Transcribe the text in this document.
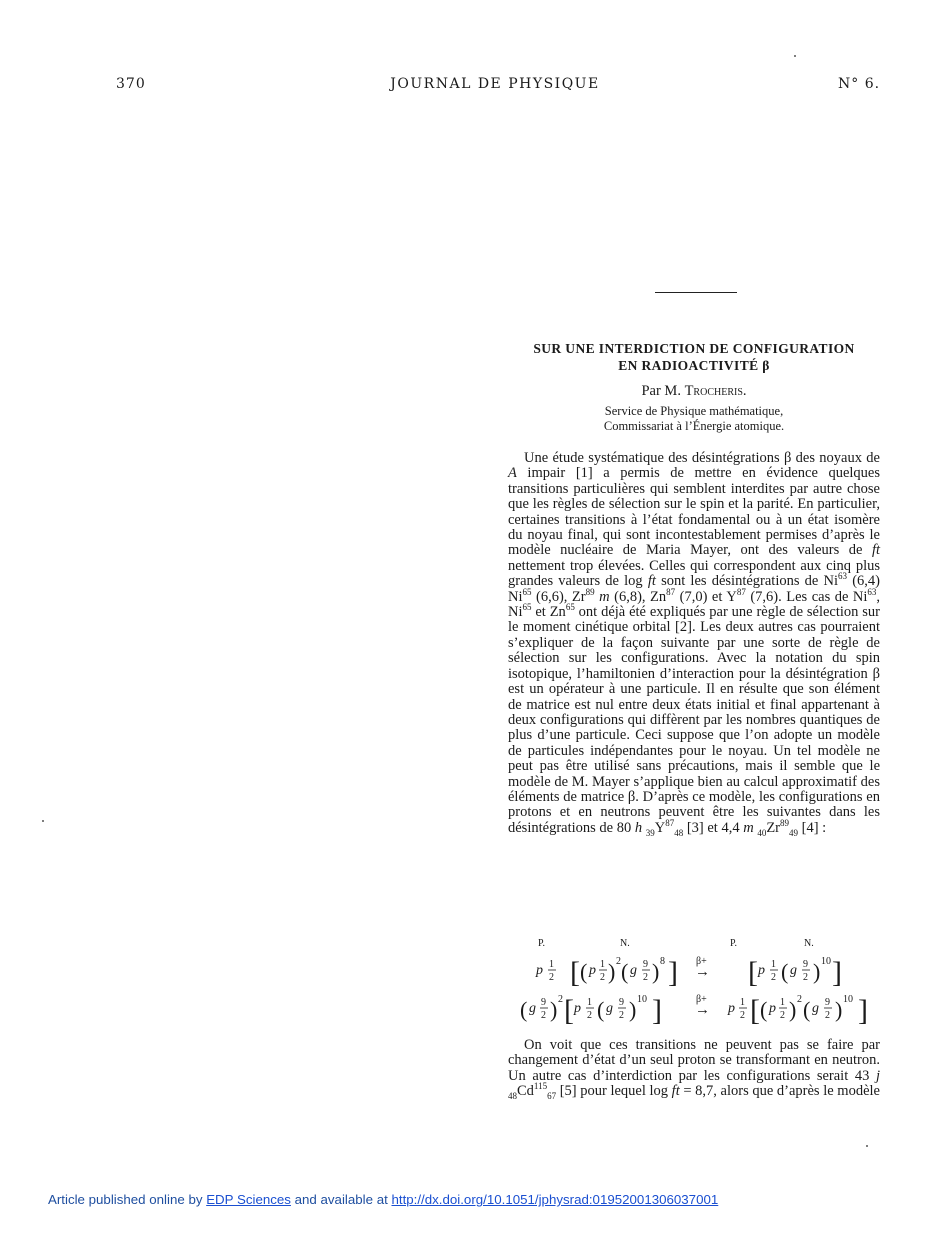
370	JOURNAL DE PHYSIQUE	N° 6.
SUR UNE INTERDICTION DE CONFIGURATION
EN RADIOACTIVITÉ β
Par M. Trocheris.
Service de Physique mathématique,
Commissariat à l’Énergie atomique.
Une étude systématique des désintégrations β des noyaux de A impair [1] a permis de mettre en évidence quelques transitions particulières qui semblent interdites par autre chose que les règles de sélection sur le spin et la parité. En particulier, certaines transitions à l’état fondamental ou à un état isomère du noyau final, qui sont incontestablement permises d’après le modèle nucléaire de Maria Mayer, ont des valeurs de ft nettement trop élevées. Celles qui correspondent aux cinq plus grandes valeurs de log ft sont les désintégrations de Ni$^{63}$ (6,4) Ni$^{65}$ (6,6), Zr$^{89}$ m (6,8), Zn$^{87}$ (7,0) et $Y^{87}$ (7,6). Les cas de Ni$^{63}$, Ni$^{65}$ et Zn$^{65}$ ont déjà été expliqués par une règle de sélection sur le moment cinétique orbital [2]. Les deux autres cas pourraient s’expliquer de la façon suivante par une sorte de règle de sélection sur les configurations. Avec la notation du spin isotopique, l’hamiltonien d’interaction pour la désintégration β est un opérateur à une particule. Il en résulte que son élément de matrice est nul entre deux états initial et final appartenant à deux configurations qui diffèrent par les nombres quantiques de plus d’une particule. Ceci suppose que l’on adopte un modèle de particules indépendantes pour le noyau. Un tel modèle ne peut pas être utilisé sans précautions, mais il semble que le modèle de M. Mayer s’applique bien au calcul approximatif des éléments de matrice β. D’après ce modèle, les configurations en protons et en neutrons peuvent être les suivantes dans les désintégrations de 80 h $_{39}Y^{87}_{48}$ [3] et 4,4 m $_{40}Zr^{89}_{49}$ [4] :
P.	N.	P.	N.
p 1
2 [ ( p 1
2 ) 2 ( g 9
2 ) 8 ] β+
→ [ p 1
2 ( g 9
2 ) 10 ]
( g 9
2 ) 2 [ p 1
2 ( g 9
2 ) 10 ]	β+
→ p 1
2 [ ( p 1
2 ) 2 ( g 9
2 ) 10 ]
On voit que ces transitions ne peuvent pas se faire par changement d’état d’un seul proton se transformant en neutron. Un autre cas d’interdiction par les configurations serait 43 j $_{48}Cd^{115}_{67}$ [5] pour lequel log ft = 8,7, alors que d’après le modèle
Article published online by EDP Sciences and available at http://dx.doi.org/10.1051/jphysrad:01952001306037001
